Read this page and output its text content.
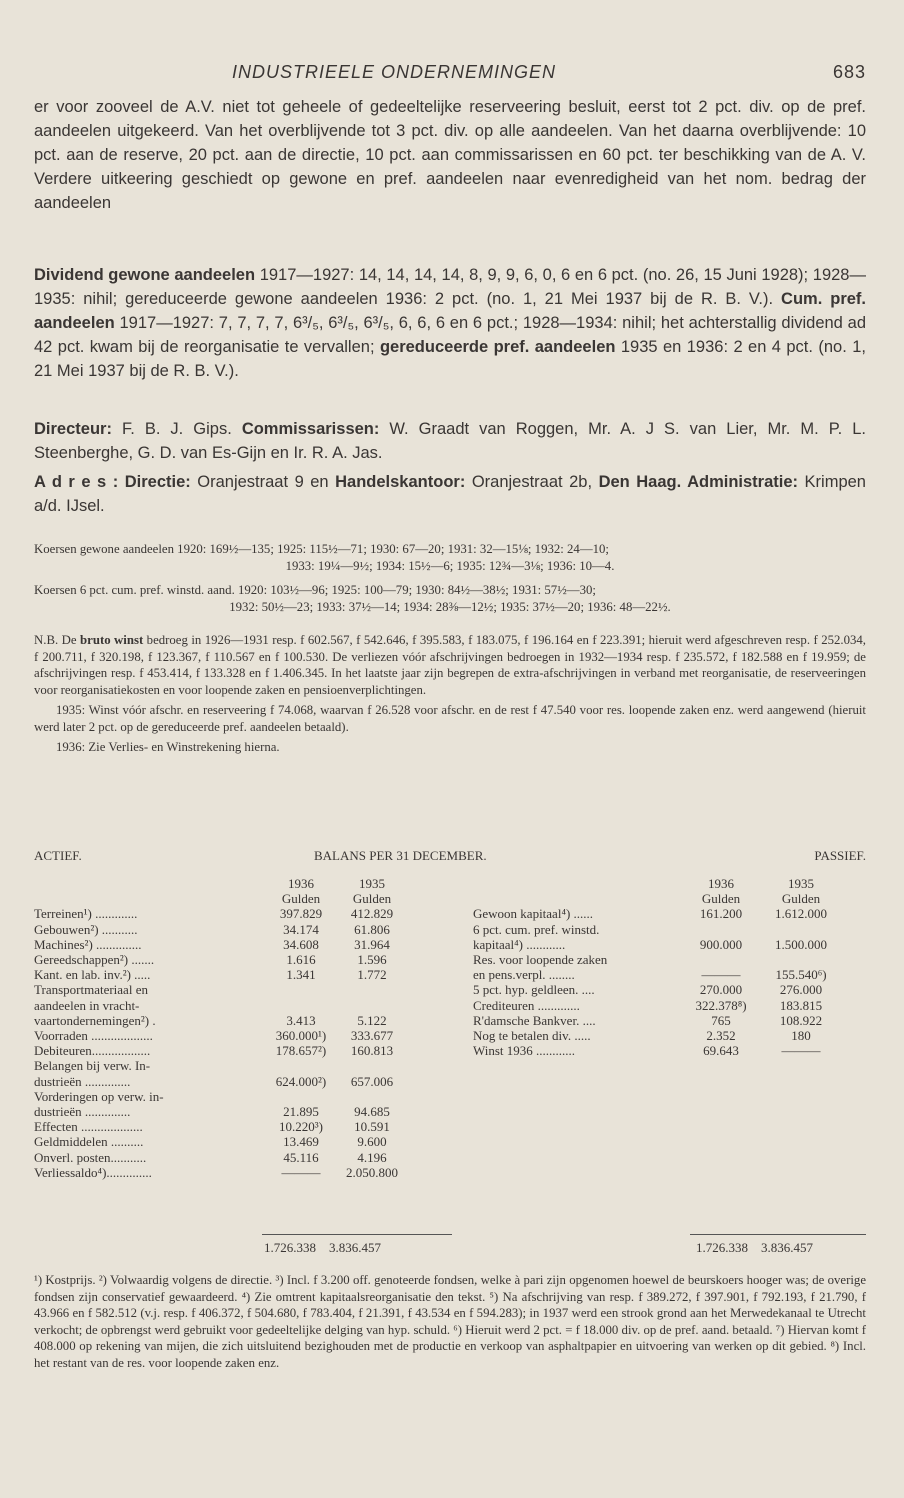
INDUSTRIEELE ONDERNEMINGEN	683
er voor zooveel de A.V. niet tot geheele of gedeeltelijke reserveering besluit, eerst tot 2 pct. div. op de pref. aandeelen uitgekeerd. Van het overblijvende tot 3 pct. div. op alle aandeelen. Van het daarna overblijvende: 10 pct. aan de reserve, 20 pct. aan de directie, 10 pct. aan commissarissen en 60 pct. ter beschikking van de A. V. Verdere uitkeering geschiedt op gewone en pref. aandeelen naar evenredigheid van het nom. bedrag der aandeelen
Dividend gewone aandeelen 1917—1927: 14, 14, 14, 14, 8, 9, 9, 6, 0, 6 en 6 pct. (no. 26, 15 Juni 1928); 1928—1935: nihil; gereduceerde gewone aandeelen 1936: 2 pct. (no. 1, 21 Mei 1937 bij de R. B. V.). Cum. pref. aandeelen 1917—1927: 7, 7, 7, 7, 6³/₅, 6³/₅, 6³/₅, 6, 6, 6 en 6 pct.; 1928—1934: nihil; het achterstallig dividend ad 42 pct. kwam bij de reorganisatie te vervallen; gereduceerde pref. aandeelen 1935 en 1936: 2 en 4 pct. (no. 1, 21 Mei 1937 bij de R. B. V.).
Directeur: F. B. J. Gips. Commissarissen: W. Graadt van Roggen, Mr. A. J S. van Lier, Mr. M. P. L. Steenberghe, G. D. van Es-Gijn en Ir. R. A. Jas.
A d r e s : Directie: Oranjestraat 9 en Handelskantoor: Oranjestraat 2b, Den Haag. Administratie: Krimpen a/d. IJsel.
Koersen gewone aandeelen 1920: 169½—135; 1925: 115½—71; 1930: 67—20; 1931: 32—15⅛; 1932: 24—10;
1933: 19¼—9½; 1934: 15½—6; 1935: 12¾—3⅛; 1936: 10—4.
Koersen 6 pct. cum. pref. winstd. aand. 1920: 103½—96; 1925: 100—79; 1930: 84½—38½; 1931: 57½—30;
1932: 50½—23; 1933: 37½—14; 1934: 28⅜—12½; 1935: 37½—20; 1936: 48—22½.

N.B. De bruto winst bedroeg in 1926—1931 resp. f 602.567, f 542.646, f 395.583, f 183.075, f 196.164 en f 223.391; hieruit werd afgeschreven resp. f 252.034, f 200.711, f 320.198, f 123.367, f 110.567 en f 100.530. De verliezen vóór afschrijvingen bedroegen in 1932—1934 resp. f 235.572, f 182.588 en f 19.959; de afschrijvingen resp. f 453.414, f 133.328 en f 1.406.345. In het laatste jaar zijn begrepen de extra-afschrijvingen in verband met reorganisatie, de reserveeringen voor reorganisatiekosten en voor loopende zaken en pensioenverplichtingen.

1935: Winst vóór afschr. en reserveering f 74.068, waarvan f 26.528 voor afschr. en de rest f 47.540 voor res. loopende zaken enz. werd aangewend (hieruit werd later 2 pct. op de gereduceerde pref. aandeelen betaald).

1936: Zie Verlies- en Winstrekening hierna.

ACTIEF.	BALANS PER 31 DECEMBER.	PASSIEF.
	1936	1935
	Gulden	Gulden
Terreinen¹) .............	397.829	412.829
Gebouwen²) ...........	34.174	61.806
Machines²) ..............	34.608	31.964
Gereedschappen²) .......	1.616	1.596
Kant. en lab. inv.²) .....	1.341	1.772
Transportmateriaal en		
aandeelen in vracht-		
vaartondernemingen²) .	3.413	5.122
Voorraden ...................	360.000¹)	333.677
Debiteuren..................	178.657²)	160.813
Belangen bij verw. In-		
dustrieën ..............	624.000²)	657.006
Vorderingen op verw. in-		
dustrieën ..............	21.895	94.685
Effecten ...................	10.220³)	10.591
Geldmiddelen ..........	13.469	9.600
Onverl. posten...........	45.116	4.196
Verliessaldo⁴)..............	———	2.050.800
	1936	1935
	Gulden	Gulden
Gewoon kapitaal⁴) ......	161.200	1.612.000
6 pct. cum. pref. winstd.		
kapitaal⁴) ............	900.000	1.500.000
Res. voor loopende zaken		
en pens.verpl. ........	———	155.540⁶)
5 pct. hyp. geldleen. ....	270.000	276.000
Crediteuren .............	322.378⁸)	183.815
R'damsche Bankver. ....	765	108.922
Nog te betalen div. .....	2.352	180
Winst 1936 ............	69.643	———
1.726.338 3.836.457	1.726.338 3.836.457
¹) Kostprijs. ²) Volwaardig volgens de directie. ³) Incl. f 3.200 off. genoteerde fondsen, welke à pari zijn opgenomen hoewel de beurskoers hooger was; de overige fondsen zijn conservatief gewaardeerd. ⁴) Zie omtrent kapitaalsreorganisatie den tekst. ⁵) Na afschrijving van resp. f 389.272, f 397.901, f 792.193, f 21.790, f 43.966 en f 582.512 (v.j. resp. f 406.372, f 504.680, f 783.404, f 21.391, f 43.534 en f 594.283); in 1937 werd een strook grond aan het Merwedekanaal te Utrecht verkocht; de opbrengst werd gebruikt voor gedeeltelijke delging van hyp. schuld. ⁶) Hieruit werd 2 pct. = f 18.000 div. op de pref. aand. betaald. ⁷) Hiervan komt f 408.000 op rekening van mijen, die zich uitsluitend bezighouden met de productie en verkoop van asphaltpapier en uitvoering van werken op dit gebied. ⁸) Incl. het restant van de res. voor loopende zaken enz.
